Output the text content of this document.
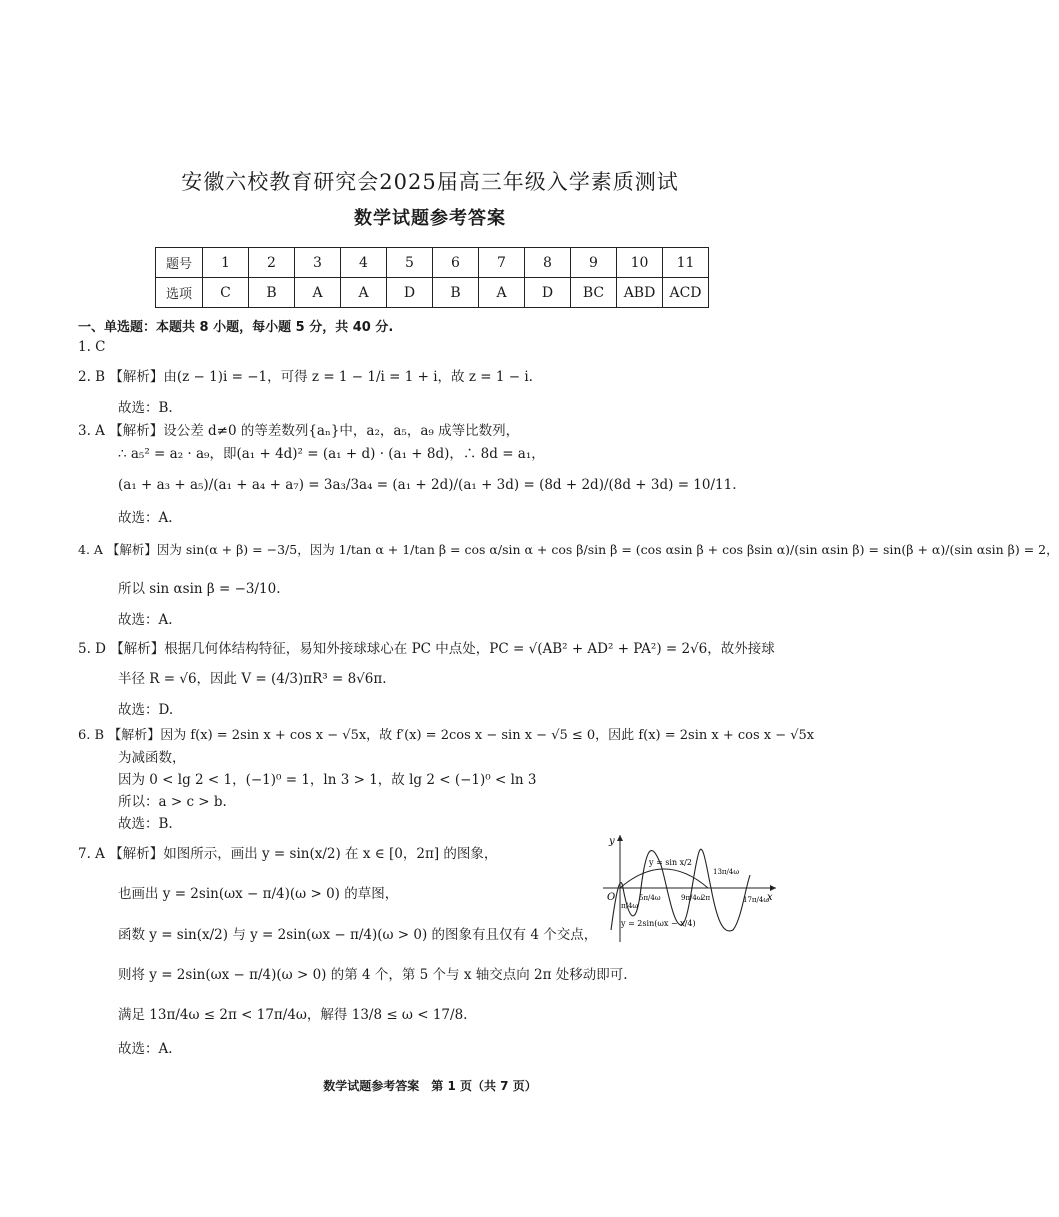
安徽六校教育研究会2025届高三年级入学素质测试
数学试题参考答案
题号	1	2	3	4	5	6	7	8	9	10	11
选项	C	B	A	A	D	B	A	D	BC	ABD	ACD
一、单选题：本题共 8 小题，每小题 5 分，共 40 分.
1. C
2. B 【解析】由(z − 1)i = −1，可得 z = 1 − 1/i = 1 + i，故 z = 1 − i.
故选：B.
3. A 【解析】设公差 d≠0 的等差数列{aₙ}中，a₂，a₅，a₉ 成等比数列，
∴ a₅² = a₂ · a₉，即(a₁ + 4d)² = (a₁ + d) · (a₁ + 8d)，∴ 8d = a₁，
(a₁ + a₃ + a₅)/(a₁ + a₄ + a₇) = 3a₃/3a₄ = (a₁ + 2d)/(a₁ + 3d) = (8d + 2d)/(8d + 3d) = 10/11.
故选：A.
4. A 【解析】因为 sin(α + β) = −3/5，因为 1/tan α + 1/tan β = cos α/sin α + cos β/sin β = (cos αsin β + cos βsin α)/(sin αsin β) = sin(β + α)/(sin αsin β) = 2，
所以 sin αsin β = −3/10.
故选：A.
5. D 【解析】根据几何体结构特征，易知外接球球心在 PC 中点处，PC = √(AB² + AD² + PA²) = 2√6，故外接球
半径 R = √6，因此 V = (4/3)πR³ = 8√6π.
故选：D.
6. B 【解析】因为 f(x) = 2sin x + cos x − √5x，故 f′(x) = 2cos x − sin x − √5 ≤ 0，因此 f(x) = 2sin x + cos x − √5x
为减函数，
因为 0 < lg 2 < 1，(−1)⁰ = 1，ln 3 > 1，故 lg 2 < (−1)⁰ < ln 3
所以：a > c > b.
故选：B.
7. A 【解析】如图所示，画出 y = sin(x/2) 在 x ∈ [0，2π] 的图象，
也画出 y = 2sin(ωx − π/4)(ω > 0) 的草图，
函数 y = sin(x/2) 与 y = 2sin(ωx − π/4)(ω > 0) 的图象有且仅有 4 个交点，
则将 y = 2sin(ωx − π/4)(ω > 0) 的第 4 个，第 5 个与 x 轴交点向 2π 处移动即可.
满足 13π/4ω ≤ 2π < 17π/4ω，解得 13/8 ≤ ω < 17/8.
故选：A.
x
y
O
y = sin x/2
y = 2sin(ωx − x/4)
π/4ω
5π/4ω	9π/4ω
2π
13π/4ω
17π/4ω
数学试题参考答案　第 1 页（共 7 页）
